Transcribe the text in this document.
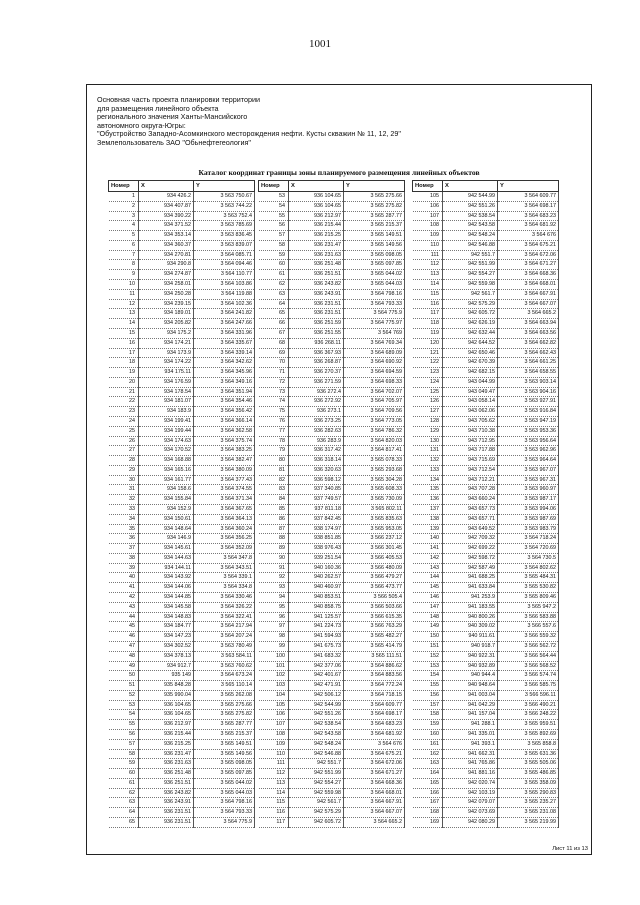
1001
Основная часть проекта планировки территории
для размещения линейного объекта
регионального значения Ханты-Мансийского
автономного округа-Югры:
"Обустройство Западно-Асомкинского месторождения нефти. Кусты скважин № 11, 12, 29"
Землепользователь ЗАО "Обьнефтегеология"
Каталог координат границы зоны планируемого размещения линейных объектов
Номер	X	Y
1	934 426.2	3 563 750.67
2	934 407.87	3 563 744.22
3	934 390.22	3 563 752.4
4	934 371.52	3 563 785.69
5	934 353.14	3 563 836.45
6	934 360.37	3 563 839.07
7	934 270.81	3 564 085.71
8	934 290.8	3 564 094.46
9	934 274.87	3 564 110.77
10	934 258.01	3 564 103.86
11	934 250.28	3 564 119.88
12	934 239.15	3 564 102.36
13	934 189.01	3 564 241.82
14	934 205.82	3 564 247.66
15	934 175.2	3 564 331.96
16	934 174.21	3 564 335.67
17	934 173.9	3 564 339.14
18	934 174.22	3 564 342.62
19	934 175.11	3 564 345.96
20	934 176.59	3 564 349.16
21	934 178.54	3 564 351.94
22	934 181.07	3 564 354.46
23	934 183.9	3 564 356.42
24	934 199.41	3 564 366.14
25	934 199.44	3 564 362.58
26	934 174.63	3 564 375.74
27	934 170.52	3 564 383.25
28	934 168.88	3 564 382.47
29	934 165.16	3 564 380.09
30	934 161.77	3 564 377.43
31	934 158.6	3 564 374.55
32	934 155.84	3 564 371.34
33	934 152.9	3 564 367.65
34	934 150.61	3 564 364.13
35	934 148.64	3 564 360.24
36	934 146.9	3 564 356.25
37	934 145.61	3 564 352.09
38	934 144.63	3 564 347.8
39	934 144.11	3 564 343.51
40	934 143.92	3 564 339.1
41	934 144.06	3 564 334.8
42	934 144.85	3 564 330.46
43	934 145.58	3 564 326.22
44	934 148.83	3 564 322.41
45	934 184.77	3 564 217.94
46	934 147.23	3 564 207.24
47	934 302.52	3 563 780.49
48	934 378.13	3 563 584.11
49	934 912.7	3 563 760.62
50	935 149	3 564 673.24
51	935 848.28	3 565 110.14
52	935 990.04	3 565 262.08
53	936 104.65	3 565 275.66
54	936 104.65	3 565 275.82
55	936 212.97	3 565 287.77
56	936 215.44	3 565 215.37
57	936 215.25	3 565 149.51
58	936 231.47	3 565 149.56
59	936 231.63	3 565 098.05
60	936 251.48	3 565 097.85
61	936 251.51	3 565 044.02
62	936 243.82	3 565 044.03
63	936 243.91	3 564 798.16
64	936 231.51	3 564 793.33
65	936 231.51	3 564 775.9
Номер	X	Y
53	936 104.65	3 565 275.66
54	936 104.65	3 565 275.82
55	936 212.97	3 565 287.77
56	936 215.44	3 565 215.37
57	936 215.25	3 565 149.51
58	936 231.47	3 565 149.56
59	936 231.63	3 565 098.05
60	936 251.48	3 565 097.85
61	936 251.51	3 565 044.02
62	936 243.82	3 565 044.03
63	936 243.91	3 564 798.16
64	936 231.51	3 564 793.33
65	936 231.51	3 564 775.9
66	936 251.59	3 564 775.97
67	936 251.55	3 564 769
68	936 268.11	3 564 769.34
69	936 367.93	3 564 689.09
70	936 268.87	3 564 690.92
71	936 270.37	3 564 694.59
72	936 271.59	3 564 698.33
73	936 272.4	3 564 702.07
74	936 272.92	3 564 705.97
75	936 273.1	3 564 709.56
76	936 273.25	3 564 773.05
77	936 282.63	3 564 786.32
78	936 283.9	3 564 820.03
79	936 317.42	3 564 817.41
80	936 318.14	3 565 078.33
81	936 320.63	3 565 293.68
82	936 598.12	3 565 304.28
83	937 340.85	3 565 608.33
84	937 749.57	3 565 730.09
85	937 811.18	3 565 802.11
86	937 842.45	3 565 835.63
87	938 174.97	3 565 953.05
88	938 851.85	3 566 237.12
89	938 976.43	3 566 301.45
90	939 251.54	3 566 405.53
91	940 160.36	3 566 480.09
92	940 262.57	3 566 479.27
93	940 460.97	3 566 473.77
94	940 853.51	3 566 505.4
95	940 858.75	3 566 503.66
96	941 125.57	3 566 615.35
97	941 224.73	3 566 763.29
98	941 594.93	3 565 482.27
99	941 675.73	3 565 414.79
100	941 683.32	3 565 111.51
101	942 377.06	3 564 886.62
102	942 401.67	3 564 883.56
103	942 471.91	3 564 772.24
104	942 506.12	3 564 718.15
105	942 544.99	3 564 609.77
106	942 551.26	3 564 698.17
107	942 538.54	3 564 683.23
108	942 543.58	3 564 681.92
109	942 548.24	3 564 676
110	942 546.88	3 564 675.21
111	942 551.7	3 564 672.06
112	942 551.99	3 564 671.27
113	942 554.27	3 564 668.36
114	942 559.98	3 564 668.01
115	942 561.7	3 564 667.91
116	942 575.29	3 564 667.07
117	942 605.72	3 564 665.2
Номер	X	Y
105	942 544.99	3 564 609.77
106	942 551.26	3 564 698.17
107	942 538.54	3 564 683.23
108	942 543.58	3 564 681.92
109	942 548.24	3 564 676
110	942 546.88	3 564 675.21
111	942 551.7	3 564 672.06
112	942 551.99	3 564 671.27
113	942 554.27	3 564 668.36
114	942 559.98	3 564 668.01
115	942 561.7	3 564 667.91
116	942 575.29	3 564 667.07
117	942 605.72	3 564 665.2
118	942 626.19	3 564 663.94
119	942 632.44	3 564 663.56
120	942 644.52	3 564 662.82
121	942 650.46	3 564 662.43
122	942 670.39	3 564 661.25
123	942 682.15	3 564 658.55
124	943 044.99	3 563 903.14
125	943 049.47	3 563 904.16
126	943 058.14	3 563 927.91
127	943 062.06	3 563 916.84
128	943 705.62	3 563 947.19
129	943 710.38	3 563 953.36
130	943 712.95	3 563 956.64
131	943 717.88	3 563 962.96
132	943 715.69	3 563 964.64
133	943 712.54	3 563 967.07
134	943 712.21	3 563 967.31
135	943 707.28	3 563 960.97
136	943 660.24	3 563 987.17
137	943 657.73	3 563 994.06
138	943 657.71	3 563 987.69
139	943 649.52	3 563 983.79
140	942 709.32	3 564 718.24
141	942 699.22	3 564 720.69
142	942 598.72	3 564 730.5
143	942 587.49	3 564 802.62
144	941 688.25	3 565 484.31
145	941 633.84	3 565 530.82
146	941 253.9	3 565 809.46
147	941 183.55	3 565 947.2
148	940 800.26	3 566 583.88
149	940 309.02	3 566 557.6
150	940 911.61	3 566 559.32
151	940 918.7	3 566 562.72
152	940 922.31	3 566 564.44
153	940 932.89	3 566 568.52
154	940 944.4	3 566 574.74
155	940 948.64	3 566 585.75
156	941 003.04	3 566 596.11
157	941 042.29	3 566 490.21
158	941 157.04	3 566 248.22
159	941 288.1	3 565 959.51
160	941 335.01	3 565 892.69
161	941 393.1	3 565 858.8
162	941 662.31	3 565 631.36
163	941 765.86	3 565 505.06
164	941 881.16	3 565 486.85
165	942 020.74	3 565 358.09
166	942 103.19	3 565 290.83
167	942 079.07	3 565 235.27
168	942 073.69	3 565 231.08
169	942 080.29	3 565 219.99
Лист 11 из 13
